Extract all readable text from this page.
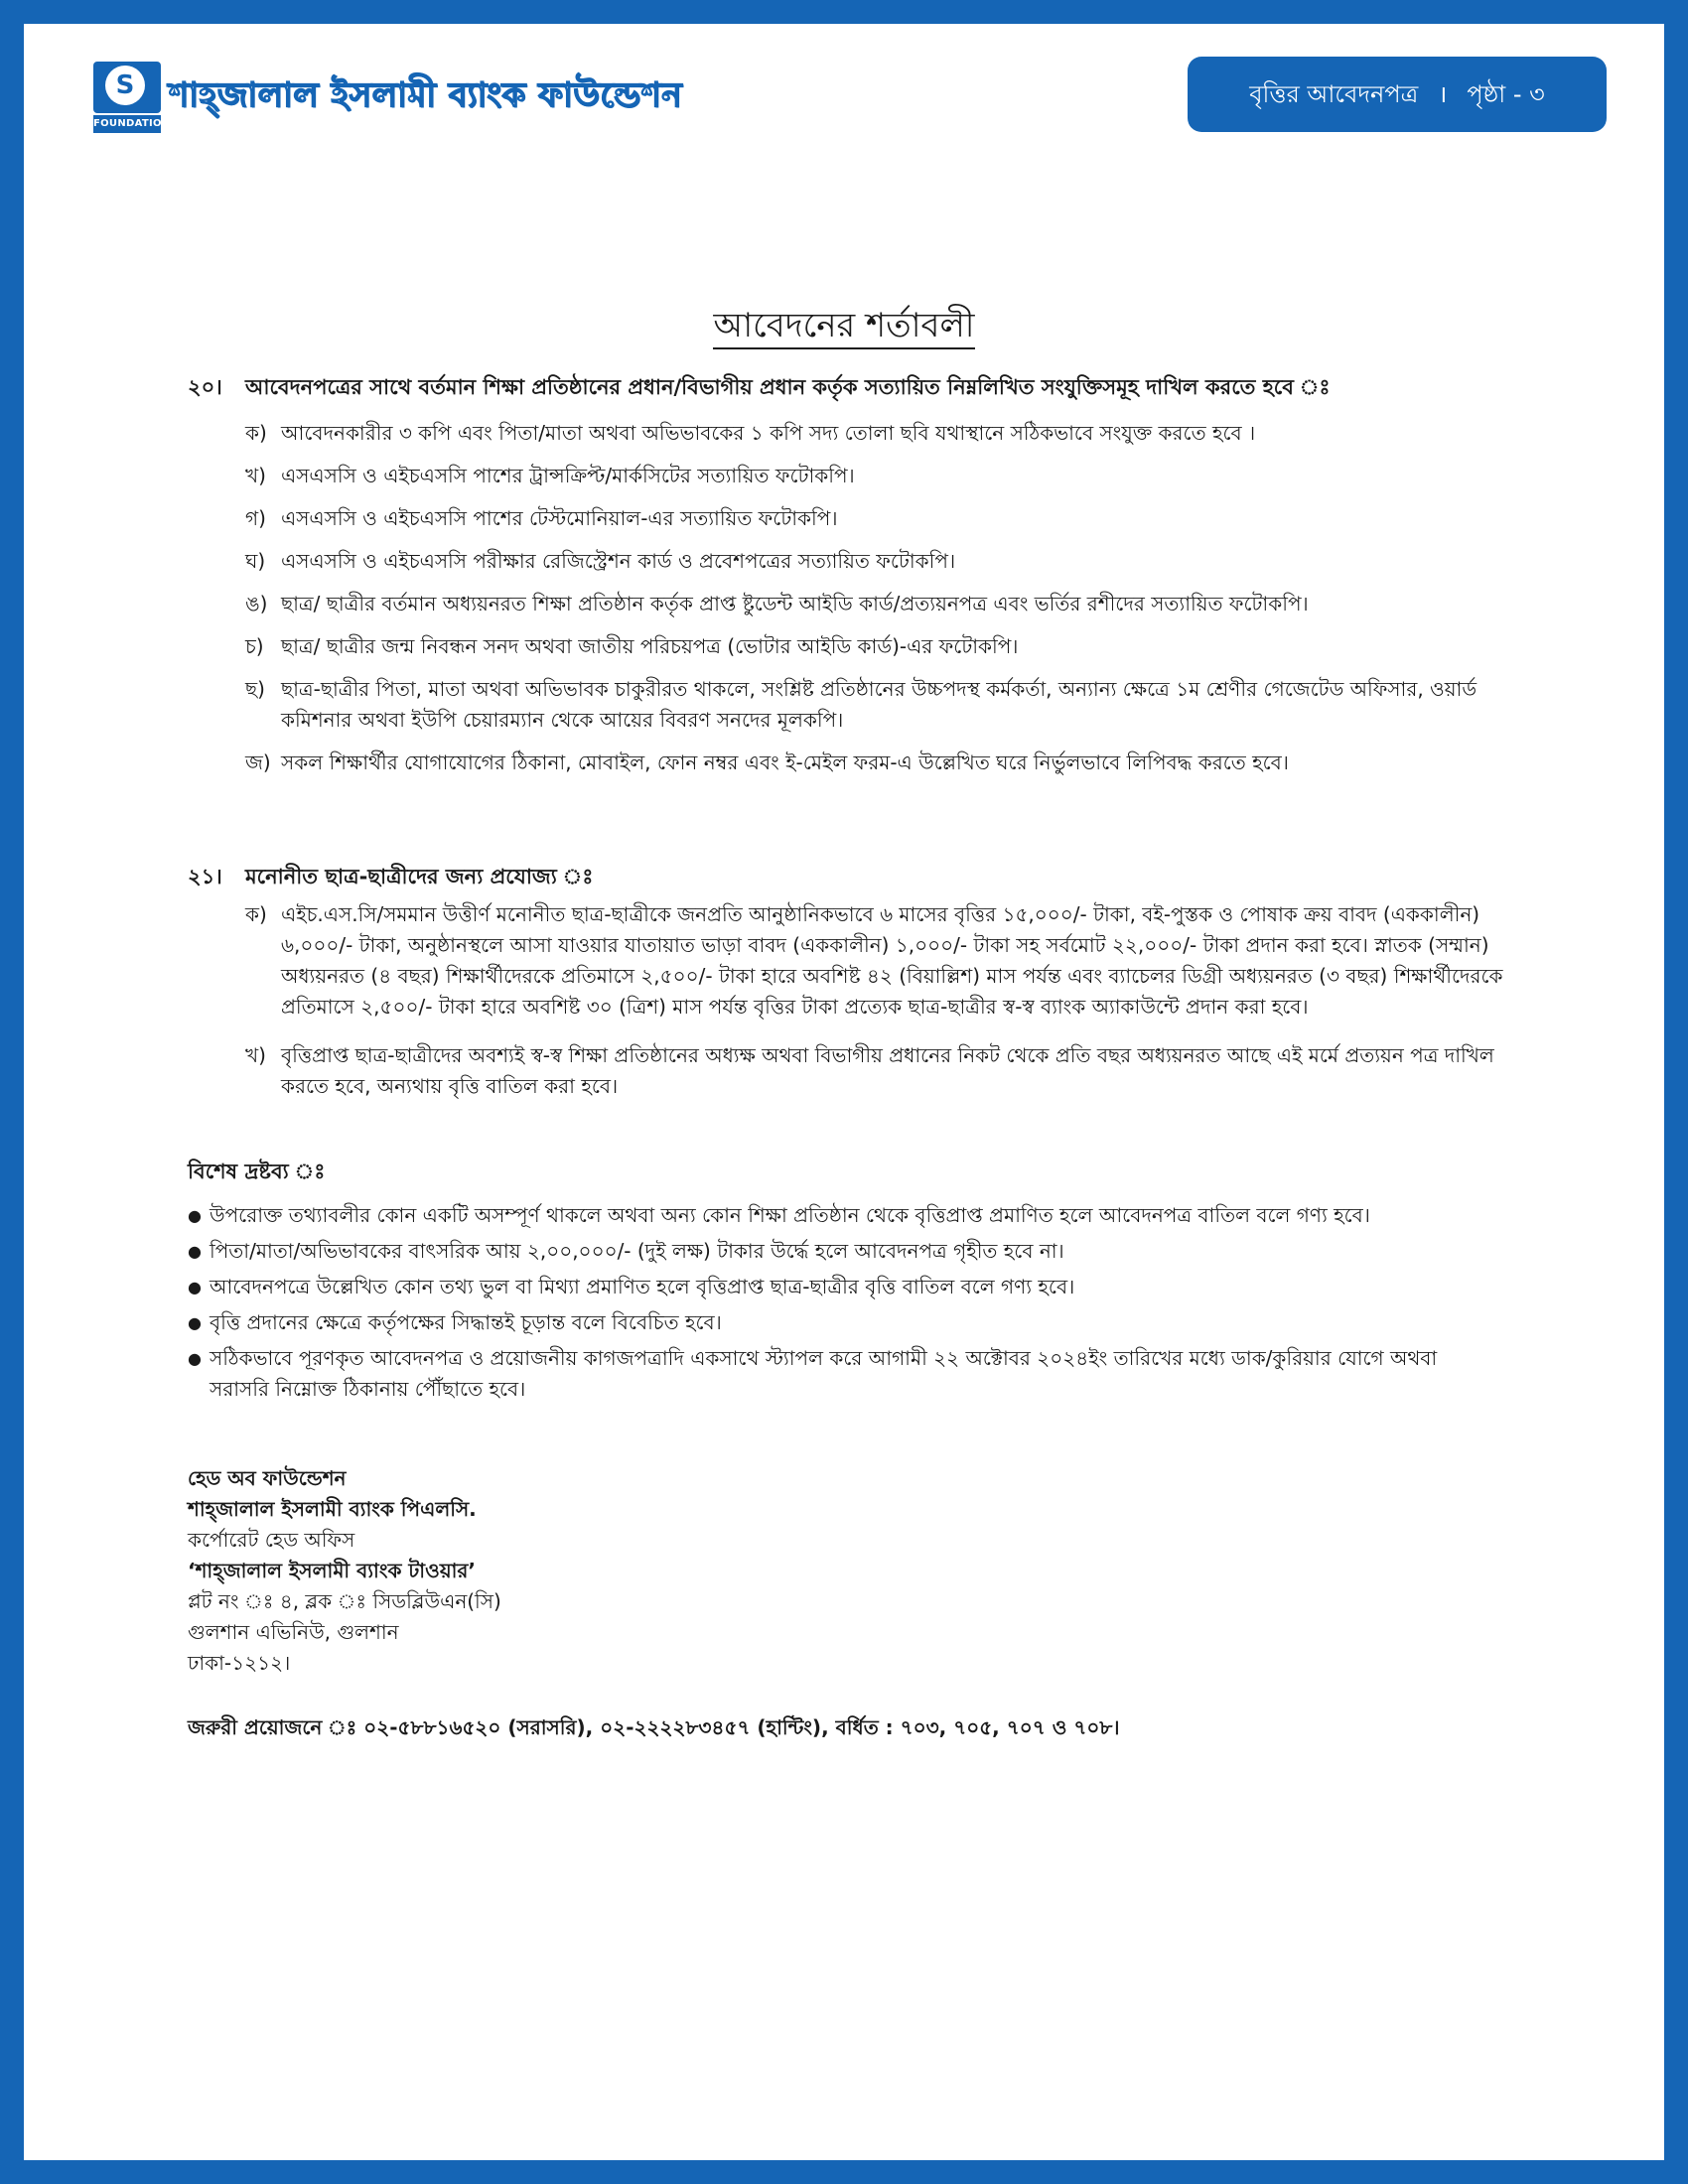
S
FOUNDATION
শাহ্জালাল ইসলামী ব্যাংক ফাউন্ডেশন	বৃত্তির আবেদনপত্র । পৃষ্ঠা - ৩
আবেদনের শর্তাবলী
২০।	আবেদনপত্রের সাথে বর্তমান শিক্ষা প্রতিষ্ঠানের প্রধান/বিভাগীয় প্রধান কর্তৃক সত্যায়িত নিম্নলিখিত সংযুক্তিসমূহ দাখিল করতে হবে ঃ
ক) আবেদনকারীর ৩ কপি এবং পিতা/মাতা অথবা অভিভাবকের ১ কপি সদ্য তোলা ছবি যথাস্থানে সঠিকভাবে সংযুক্ত করতে হবে ।
খ) এসএসসি ও এইচএসসি পাশের ট্রান্সক্রিপ্ট/মার্কসিটের সত্যায়িত ফটোকপি।
গ) এসএসসি ও এইচএসসি পাশের টেস্টমোনিয়াল-এর সত্যায়িত ফটোকপি।
ঘ) এসএসসি ও এইচএসসি পরীক্ষার রেজিস্ট্রেশন কার্ড ও প্রবেশপত্রের সত্যায়িত ফটোকপি।
ঙ) ছাত্র/ ছাত্রীর বর্তমান অধ্যয়নরত শিক্ষা প্রতিষ্ঠান কর্তৃক প্রাপ্ত ষ্টুডেন্ট আইডি কার্ড/প্রত্যয়নপত্র এবং ভর্তির রশীদের সত্যায়িত ফটোকপি।
চ) ছাত্র/ ছাত্রীর জন্ম নিবন্ধন সনদ অথবা জাতীয় পরিচয়পত্র (ভোটার আইডি কার্ড)-এর ফটোকপি।
ছ) ছাত্র-ছাত্রীর পিতা, মাতা অথবা অভিভাবক চাকুরীরত থাকলে, সংশ্লিষ্ট প্রতিষ্ঠানের উচ্চপদস্থ কর্মকর্তা, অন্যান্য ক্ষেত্রে ১ম শ্রেণীর গেজেটেড অফিসার, ওয়ার্ড কমিশনার অথবা ইউপি চেয়ারম্যান থেকে আয়ের বিবরণ সনদের মূলকপি।
জ) সকল শিক্ষার্থীর যোগাযোগের ঠিকানা, মোবাইল, ফোন নম্বর এবং ই-মেইল ফরম-এ উল্লেখিত ঘরে নির্ভুলভাবে লিপিবদ্ধ করতে হবে।
২১।	মনোনীত ছাত্র-ছাত্রীদের জন্য প্রযোজ্য ঃ
ক) এইচ.এস.সি/সমমান উত্তীর্ণ মনোনীত ছাত্র-ছাত্রীকে জনপ্রতি আনুষ্ঠানিকভাবে ৬ মাসের বৃত্তির ১৫,০০০/- টাকা, বই-পুস্তক ও পোষাক ক্রয় বাবদ (এককালীন) ৬,০০০/- টাকা, অনুষ্ঠানস্থলে আসা যাওয়ার যাতায়াত ভাড়া বাবদ (এককালীন) ১,০০০/- টাকা সহ সর্বমোট ২২,০০০/- টাকা প্রদান করা হবে। স্নাতক (সম্মান) অধ্যয়নরত (৪ বছর) শিক্ষার্থীদেরকে প্রতিমাসে ২,৫০০/- টাকা হারে অবশিষ্ট ৪২ (বিয়াল্লিশ) মাস পর্যন্ত এবং ব্যাচেলর ডিগ্রী অধ্যয়নরত (৩ বছর) শিক্ষার্থীদেরকে প্রতিমাসে ২,৫০০/- টাকা হারে অবশিষ্ট ৩০ (ত্রিশ) মাস পর্যন্ত বৃত্তির টাকা প্রত্যেক ছাত্র-ছাত্রীর স্ব-স্ব ব্যাংক অ্যাকাউন্টে প্রদান করা হবে।
খ) বৃত্তিপ্রাপ্ত ছাত্র-ছাত্রীদের অবশ্যই স্ব-স্ব শিক্ষা প্রতিষ্ঠানের অধ্যক্ষ অথবা বিভাগীয় প্রধানের নিকট থেকে প্রতি বছর অধ্যয়নরত আছে এই মর্মে প্রত্যয়ন পত্র দাখিল করতে হবে, অন্যথায় বৃত্তি বাতিল করা হবে।
বিশেষ দ্রষ্টব্য ঃ
● উপরোক্ত তথ্যাবলীর কোন একটি অসম্পূর্ণ থাকলে অথবা অন্য কোন শিক্ষা প্রতিষ্ঠান থেকে বৃত্তিপ্রাপ্ত প্রমাণিত হলে আবেদনপত্র বাতিল বলে গণ্য হবে।
● পিতা/মাতা/অভিভাবকের বাৎসরিক আয় ২,০০,০০০/- (দুই লক্ষ) টাকার উর্দ্ধে হলে আবেদনপত্র গৃহীত হবে না।
● আবেদনপত্রে উল্লেখিত কোন তথ্য ভুল বা মিথ্যা প্রমাণিত হলে বৃত্তিপ্রাপ্ত ছাত্র-ছাত্রীর বৃত্তি বাতিল বলে গণ্য হবে।
● বৃত্তি প্রদানের ক্ষেত্রে কর্তৃপক্ষের সিদ্ধান্তই চূড়ান্ত বলে বিবেচিত হবে।
● সঠিকভাবে পূরণকৃত আবেদনপত্র ও প্রয়োজনীয় কাগজপত্রাদি একসাথে স্ট্যাপল করে আগামী ২২ অক্টোবর ২০২৪ইং তারিখের মধ্যে ডাক/কুরিয়ার যোগে অথবা সরাসরি নিম্নোক্ত ঠিকানায় পৌঁছাতে হবে।
হেড অব ফাউন্ডেশন
শাহ্জালাল ইসলামী ব্যাংক পিএলসি.
কর্পোরেট হেড অফিস
‘শাহ্জালাল ইসলামী ব্যাংক টাওয়ার’
প্লট নং ঃ ৪, ব্লক ঃ সিডব্লিউএন(সি)
গুলশান এভিনিউ, গুলশান
ঢাকা-১২১২।
জরুরী প্রয়োজনে ঃ ০২-৫৮৮১৬৫২০ (সরাসরি), ০২-২২২২৮৩৪৫৭ (হান্টিং), বর্ধিত : ৭০৩, ৭০৫, ৭০৭ ও ৭০৮।
